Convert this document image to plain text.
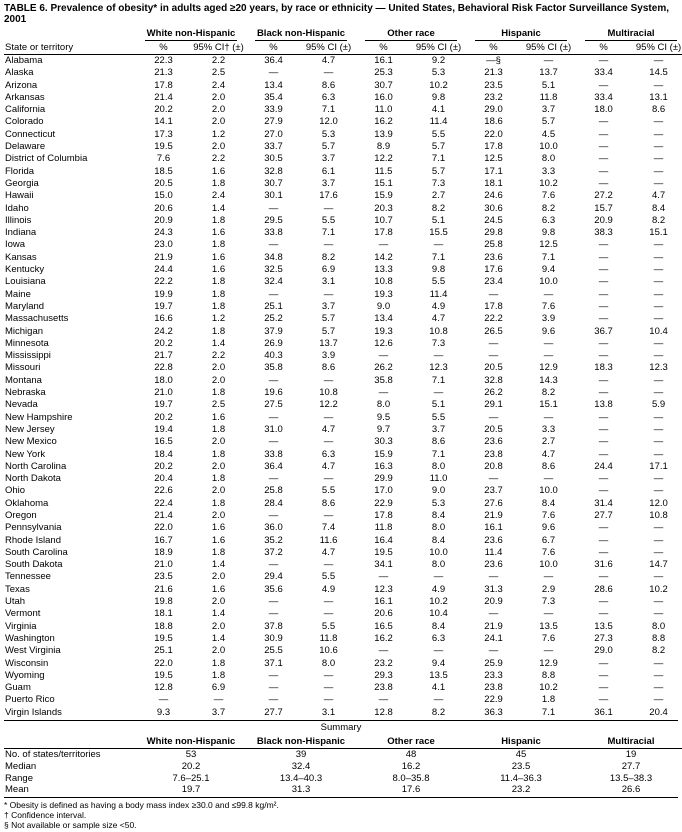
TABLE 6. Prevalence of obesity* in adults aged ≥20 years, by race or ethnicity — United States, Behavioral Risk Factor Surveillance System, 2001

	White non-Hispanic		Black non-Hispanic		Other race		Hispanic		Multiracial	

State or territory	%	95% CI† (±)	%	95% CI (±)	%	95% CI (±)	%	95% CI (±)	%	95% CI (±)
Alabama	22.3	2.2	36.4	4.7	16.1	9.2	—§	—	—	—
Alaska	21.3	2.5	—	—	25.3	5.3	21.3	13.7	33.4	14.5
Arizona	17.8	2.4	13.4	8.6	30.7	10.2	23.5	5.1	—	—
Arkansas	21.4	2.0	35.4	6.3	16.0	9.8	23.2	11.8	33.4	13.1
California	20.2	2.0	33.9	7.1	11.0	4.1	29.0	3.7	18.0	8.6
Colorado	14.1	2.0	27.9	12.0	16.2	11.4	18.6	5.7	—	—
Connecticut	17.3	1.2	27.0	5.3	13.9	5.5	22.0	4.5	—	—
Delaware	19.5	2.0	33.7	5.7	8.9	5.7	17.8	10.0	—	—
District of Columbia	7.6	2.2	30.5	3.7	12.2	7.1	12.5	8.0	—	—
Florida	18.5	1.6	32.8	6.1	11.5	5.7	17.1	3.3	—	—
Georgia	20.5	1.8	30.7	3.7	15.1	7.3	18.1	10.2	—	—
Hawaii	15.0	2.4	30.1	17.6	15.9	2.7	24.6	7.6	27.2	4.7
Idaho	20.6	1.4	—	—	20.3	8.2	30.6	8.2	15.7	8.4
Illinois	20.9	1.8	29.5	5.5	10.7	5.1	24.5	6.3	20.9	8.2
Indiana	24.3	1.6	33.8	7.1	17.8	15.5	29.8	9.8	38.3	15.1
Iowa	23.0	1.8	—	—	—	—	25.8	12.5	—	—
Kansas	21.9	1.6	34.8	8.2	14.2	7.1	23.6	7.1	—	—
Kentucky	24.4	1.6	32.5	6.9	13.3	9.8	17.6	9.4	—	—
Louisiana	22.2	1.8	32.4	3.1	10.8	5.5	23.4	10.0	—	—
Maine	19.9	1.8	—	—	19.3	11.4	—	—	—	—
Maryland	19.7	1.8	25.1	3.7	9.0	4.9	17.8	7.6	—	—
Massachusetts	16.6	1.2	25.2	5.7	13.4	4.7	22.2	3.9	—	—
Michigan	24.2	1.8	37.9	5.7	19.3	10.8	26.5	9.6	36.7	10.4
Minnesota	20.2	1.4	26.9	13.7	12.6	7.3	—	—	—	—
Mississippi	21.7	2.2	40.3	3.9	—	—	—	—	—	—
Missouri	22.8	2.0	35.8	8.6	26.2	12.3	20.5	12.9	18.3	12.3
Montana	18.0	2.0	—	—	35.8	7.1	32.8	14.3	—	—
Nebraska	21.0	1.8	19.6	10.8	—	—	26.2	8.2	—	—
Nevada	19.7	2.5	27.5	12.2	8.0	5.1	29.1	15.1	13.8	5.9
New Hampshire	20.2	1.6	—	—	9.5	5.5	—	—	—	—
New Jersey	19.4	1.8	31.0	4.7	9.7	3.7	20.5	3.3	—	—
New Mexico	16.5	2.0	—	—	30.3	8.6	23.6	2.7	—	—
New York	18.4	1.8	33.8	6.3	15.9	7.1	23.8	4.7	—	—
North Carolina	20.2	2.0	36.4	4.7	16.3	8.0	20.8	8.6	24.4	17.1
North Dakota	20.4	1.8	—	—	29.9	11.0	—	—	—	—
Ohio	22.6	2.0	25.8	5.5	17.0	9.0	23.7	10.0	—	—
Oklahoma	22.4	1.8	28.4	8.6	22.9	5.3	27.6	8.4	31.4	12.0
Oregon	21.4	2.0	—	—	17.8	8.4	21.9	7.6	27.7	10.8
Pennsylvania	22.0	1.6	36.0	7.4	11.8	8.0	16.1	9.6	—	—
Rhode Island	16.7	1.6	35.2	11.6	16.4	8.4	23.6	6.7	—	—
South Carolina	18.9	1.8	37.2	4.7	19.5	10.0	11.4	7.6	—	—
South Dakota	21.0	1.4	—	—	34.1	8.0	23.6	10.0	31.6	14.7
Tennessee	23.5	2.0	29.4	5.5	—	—	—	—	—	—
Texas	21.6	1.6	35.6	4.9	12.3	4.9	31.3	2.9	28.6	10.2
Utah	19.8	2.0	—	—	16.1	10.2	20.9	7.3	—	—
Vermont	18.1	1.4	—	—	20.6	10.4	—	—	—	—
Virginia	18.8	2.0	37.8	5.5	16.5	8.4	21.9	13.5	13.5	8.0
Washington	19.5	1.4	30.9	11.8	16.2	6.3	24.1	7.6	27.3	8.8
West Virginia	25.1	2.0	25.5	10.6	—	—	—	—	29.0	8.2
Wisconsin	22.0	1.8	37.1	8.0	23.2	9.4	25.9	12.9	—	—
Wyoming	19.5	1.8	—	—	29.3	13.5	23.3	8.8	—	—
Guam	12.8	6.9	—	—	23.8	4.1	23.8	10.2	—	—
Puerto Rico	—	—	—	—	—	—	22.9	1.8	—	—
Virgin Islands	9.3	3.7	27.7	3.1	12.8	8.2	36.3	7.1	36.1	20.4
Summary
	White non-Hispanic	Black non-Hispanic	Other race	Hispanic	Multiracial
No. of states/territories	53	39	48	45	19
Median	20.2	32.4	16.2	23.5	27.7
Range	7.6–25.1	13.4–40.3	8.0–35.8	11.4–36.3	13.5–38.3
Mean	19.7	31.3	17.6	23.2	26.6
* Obesity is defined as having a body mass index ≥30.0 and ≤99.8 kg/m².
† Confidence interval.
§ Not available or sample size <50.
